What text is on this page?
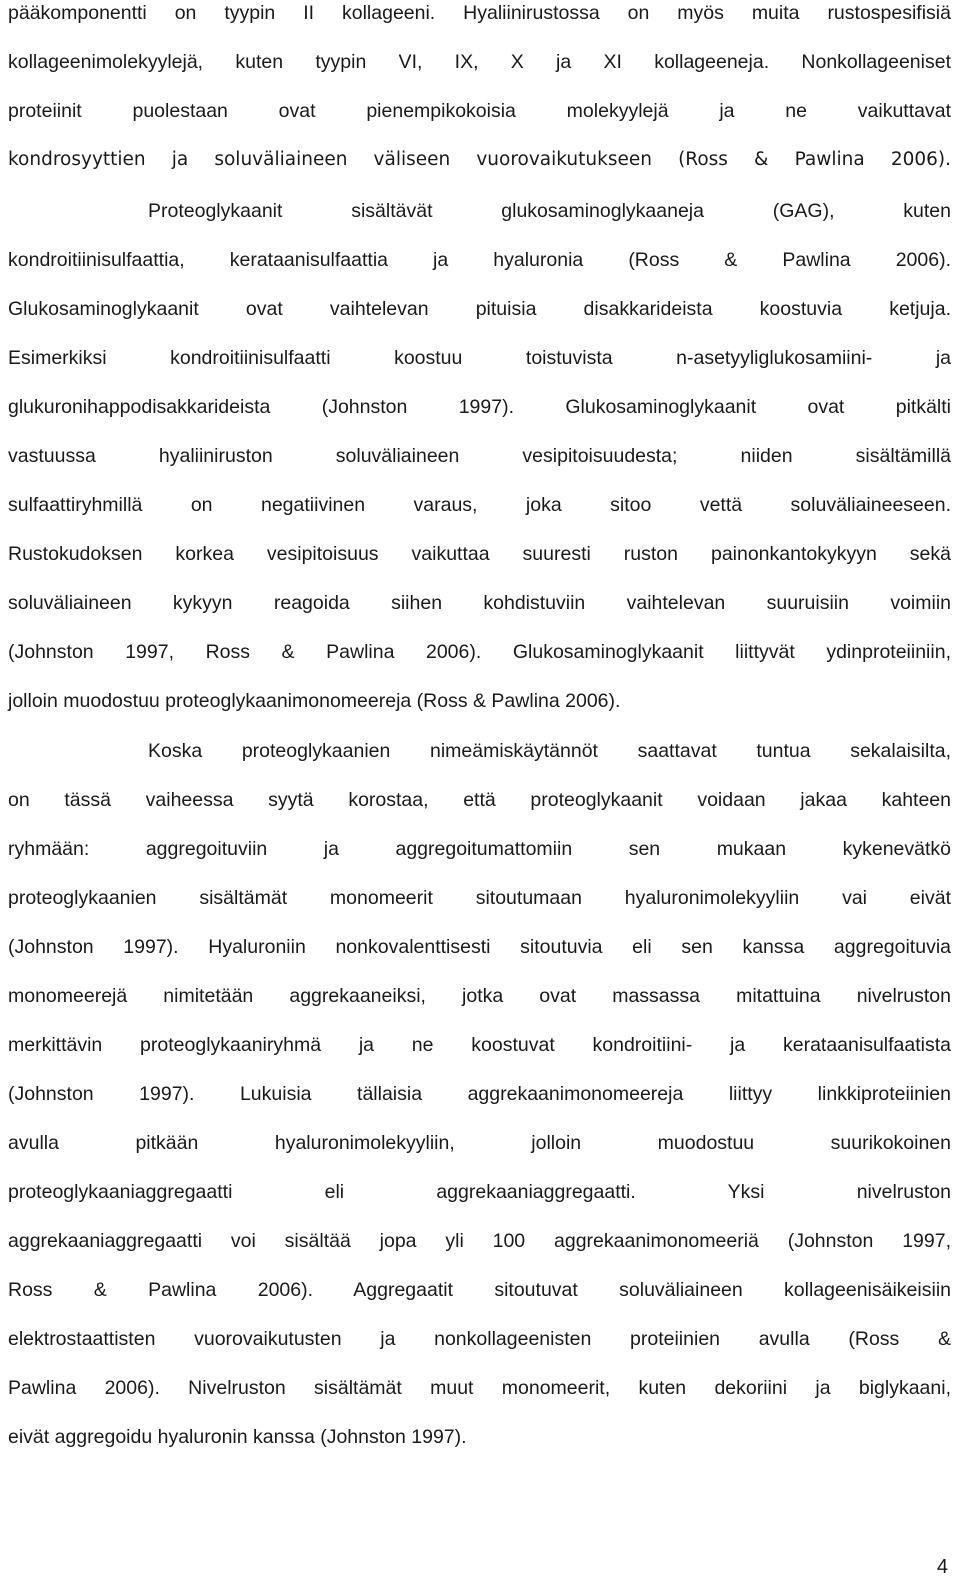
pääkomponentti on tyypin II kollageeni. Hyaliinirustossa on myös muita rustospesifisiä
kollageenimolekyylejä, kuten tyypin VI, IX, X ja XI kollageeneja. Nonkollageeniset
proteiinit puolestaan ovat pienempikokoisia molekyylejä ja ne vaikuttavat
kondrosyyttien ja soluväliaineen väliseen vuorovaikutukseen (Ross & Pawlina 2006).
Proteoglykaanit sisältävät glukosaminoglykaaneja (GAG), kuten
kondroitiinisulfaattia, kerataanisulfaattia ja hyaluronia (Ross & Pawlina 2006).
Glukosaminoglykaanit ovat vaihtelevan pituisia disakkarideista koostuvia ketjuja.
Esimerkiksi kondroitiinisulfaatti koostuu toistuvista n-asetyyliglukosamiini- ja
glukuronihappodisakkarideista (Johnston 1997). Glukosaminoglykaanit ovat pitkälti
vastuussa hyaliiniruston soluväliaineen vesipitoisuudesta; niiden sisältämillä
sulfaattiryhmillä on negatiivinen varaus, joka sitoo vettä soluväliaineeseen.
Rustokudoksen korkea vesipitoisuus vaikuttaa suuresti ruston painonkantokykyyn sekä
soluväliaineen kykyyn reagoida siihen kohdistuviin vaihtelevan suuruisiin voimiin
(Johnston 1997, Ross & Pawlina 2006). Glukosaminoglykaanit liittyvät ydinproteiiniin,
jolloin muodostuu proteoglykaanimonomeereja (Ross & Pawlina 2006).
Koska proteoglykaanien nimeämiskäytännöt saattavat tuntua sekalaisilta,
on tässä vaiheessa syytä korostaa, että proteoglykaanit voidaan jakaa kahteen
ryhmään: aggregoituviin ja aggregoitumattomiin sen mukaan kykenevätkö
proteoglykaanien sisältämät monomeerit sitoutumaan hyaluronimolekyyliin vai eivät
(Johnston 1997). Hyaluroniin nonkovalenttisesti sitoutuvia eli sen kanssa aggregoituvia
monomeerejä nimitetään aggrekaaneiksi, jotka ovat massassa mitattuina nivelruston
merkittävin proteoglykaaniryhmä ja ne koostuvat kondroitiini- ja kerataanisulfaatista
(Johnston 1997). Lukuisia tällaisia aggrekaanimonomeereja liittyy linkkiproteiinien
avulla pitkään hyaluronimolekyyliin, jolloin muodostuu suurikokoinen
proteoglykaaniaggregaatti eli aggrekaaniaggregaatti. Yksi nivelruston
aggrekaaniaggregaatti voi sisältää jopa yli 100 aggrekaanimonomeeriä (Johnston 1997,
Ross & Pawlina 2006). Aggregaatit sitoutuvat soluväliaineen kollageenisäikeisiin
elektrostaattisten vuorovaikutusten ja nonkollageenisten proteiinien avulla (Ross &
Pawlina 2006). Nivelruston sisältämät muut monomeerit, kuten dekoriini ja biglykaani,
eivät aggregoidu hyaluronin kanssa (Johnston 1997).
4
